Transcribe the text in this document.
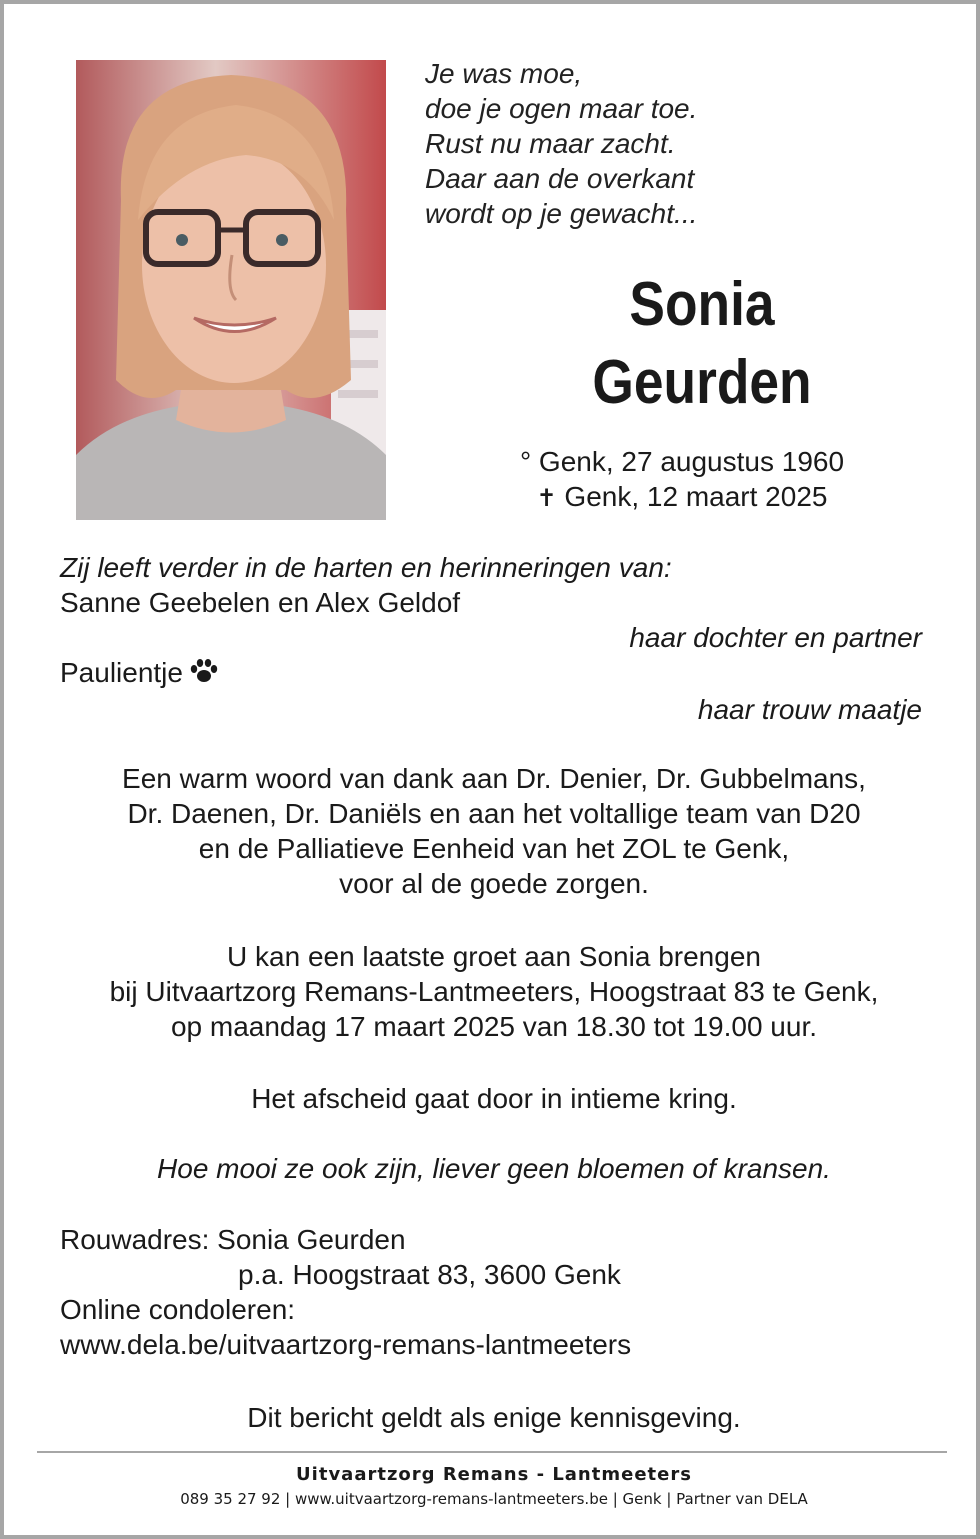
Je was moe,
doe je ogen maar toe.
Rust nu maar zacht.
Daar aan de overkant
wordt op je gewacht...
Sonia
Geurden
° Genk, 27 augustus 1960
✝ Genk, 12 maart 2025
Zij leeft verder in de harten en herinneringen van:
Sanne Geebelen en Alex Geldof
haar dochter en partner
Paulientje
haar trouw maatje
Een warm woord van dank aan Dr. Denier, Dr. Gubbelmans,
Dr. Daenen, Dr. Daniëls en aan het voltallige team van D20
en de Palliatieve Eenheid van het ZOL te Genk,
voor al de goede zorgen.
U kan een laatste groet aan Sonia brengen
bij Uitvaartzorg Remans-Lantmeeters, Hoogstraat 83 te Genk,
op maandag 17 maart 2025 van 18.30 tot 19.00 uur.
Het afscheid gaat door in intieme kring.
Hoe mooi ze ook zijn, liever geen bloemen of kransen.
Rouwadres: Sonia Geurden
p.a. Hoogstraat 83, 3600 Genk
Online condoleren:
www.dela.be/uitvaartzorg-remans-lantmeeters
Dit bericht geldt als enige kennisgeving.
Uitvaartzorg Remans - Lantmeeters
089 35 27 92 | www.uitvaartzorg-remans-lantmeeters.be | Genk | Partner van DELA
